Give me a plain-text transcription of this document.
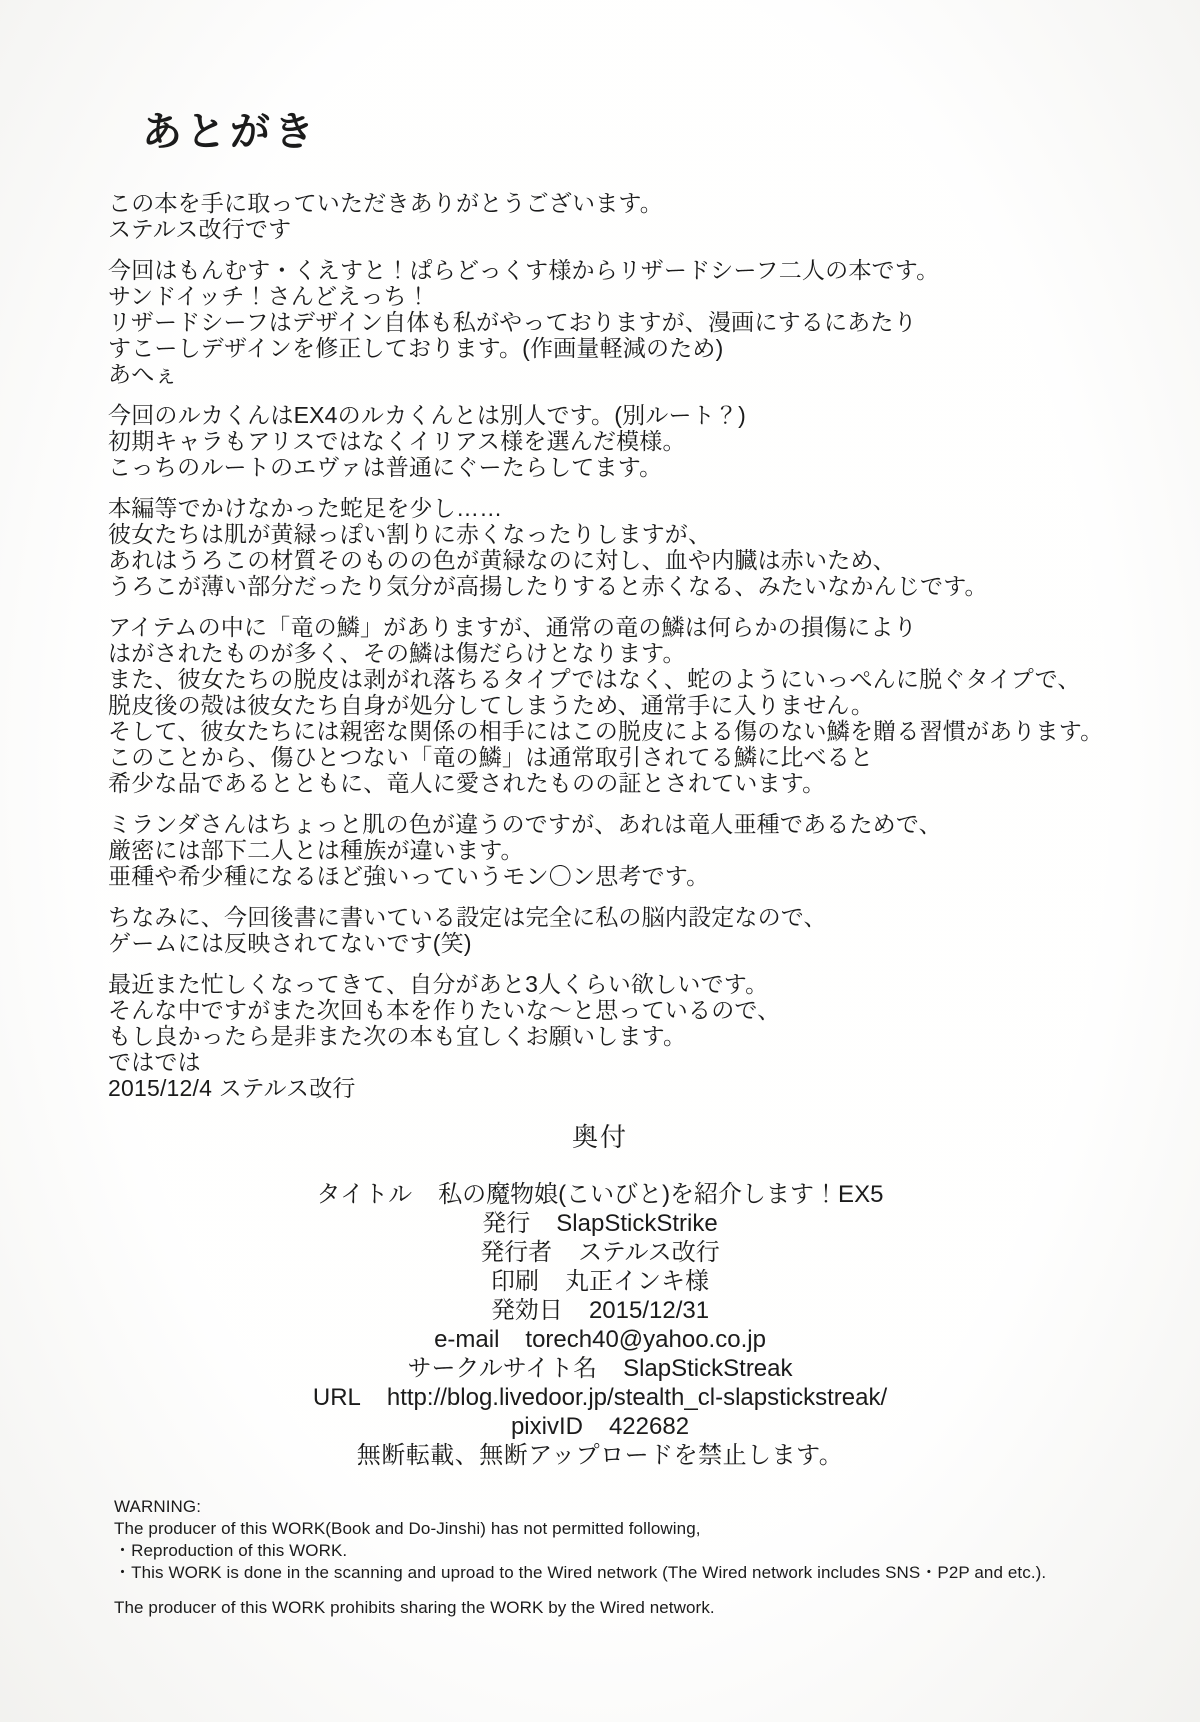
あとがき
この本を手に取っていただきありがとうございます。
ステルス改行です
今回はもんむす・くえすと！ぱらどっくす様からリザードシーフ二人の本です。
サンドイッチ！さんどえっち！
リザードシーフはデザイン自体も私がやっておりますが、漫画にするにあたり
すこーしデザインを修正しております。(作画量軽減のため)
あへぇ
今回のルカくんはEX4のルカくんとは別人です。(別ルート？)
初期キャラもアリスではなくイリアス様を選んだ模様。
こっちのルートのエヴァは普通にぐーたらしてます。
本編等でかけなかった蛇足を少し……
彼女たちは肌が黄緑っぽい割りに赤くなったりしますが、
あれはうろこの材質そのものの色が黄緑なのに対し、血や内臓は赤いため、
うろこが薄い部分だったり気分が高揚したりすると赤くなる、みたいなかんじです。
アイテムの中に「竜の鱗」がありますが、通常の竜の鱗は何らかの損傷により
はがされたものが多く、その鱗は傷だらけとなります。
また、彼女たちの脱皮は剥がれ落ちるタイプではなく、蛇のようにいっぺんに脱ぐタイプで、
脱皮後の殻は彼女たち自身が処分してしまうため、通常手に入りません。
そして、彼女たちには親密な関係の相手にはこの脱皮による傷のない鱗を贈る習慣があります。
このことから、傷ひとつない「竜の鱗」は通常取引されてる鱗に比べると
希少な品であるとともに、竜人に愛されたものの証とされています。
ミランダさんはちょっと肌の色が違うのですが、あれは竜人亜種であるためで、
厳密には部下二人とは種族が違います。
亜種や希少種になるほど強いっていうモン〇ン思考です。
ちなみに、今回後書に書いている設定は完全に私の脳内設定なので、
ゲームには反映されてないです(笑)
最近また忙しくなってきて、自分があと3人くらい欲しいです。
そんな中ですがまた次回も本を作りたいな～と思っているので、
もし良かったら是非また次の本も宜しくお願いします。
ではでは
2015/12/4 ステルス改行
奥付
タイトル 私の魔物娘(こいびと)を紹介します！EX5
発行 SlapStickStrike
発行者 ステルス改行
印刷 丸正インキ様
発効日 2015/12/31
e-mail torech40@yahoo.co.jp
サークルサイト名 SlapStickStreak
URL http://blog.livedoor.jp/stealth_cl-slapstickstreak/
pixivID 422682
無断転載、無断アップロードを禁止します。
WARNING:
The producer of this WORK(Book and Do-Jinshi) has not permitted following,
・Reproduction of this WORK.
・This WORK is done in the scanning and uproad to the Wired network (The Wired network includes SNS・P2P and etc.).
The producer of this WORK prohibits sharing the WORK by the Wired network.
